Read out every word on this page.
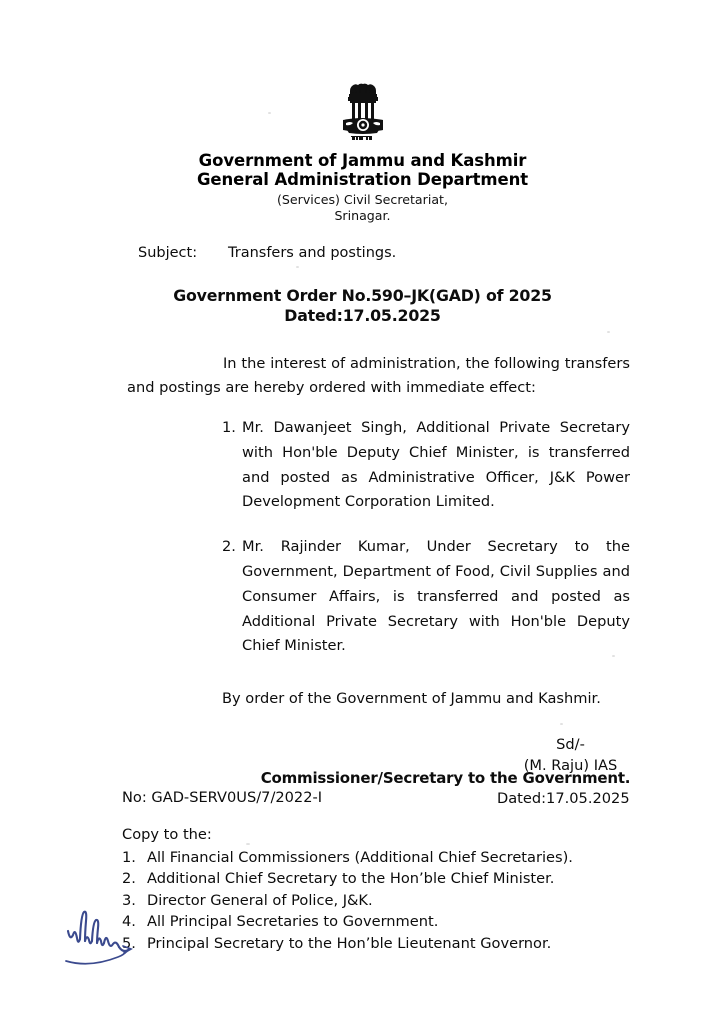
Government of Jammu and Kashmir
General Administration Department
(Services) Civil Secretariat,
Srinagar.
Subject: Transfers and postings.
Government Order No.590–JK(GAD) of 2025
Dated:17.05.2025
In the interest of administration, the following transfers and postings are hereby ordered with immediate effect:
1. Mr. Dawanjeet Singh, Additional Private Secretary with Hon'ble Deputy Chief Minister, is transferred and posted as Administrative Officer, J&K Power Development Corporation Limited.
2. Mr. Rajinder Kumar, Under Secretary to the Government, Department of Food, Civil Supplies and Consumer Affairs, is transferred and posted as Additional Private Secretary with Hon'ble Deputy Chief Minister.
By order of the Government of Jammu and Kashmir.
Sd/-
(M. Raju) IAS
Commissioner/Secretary to the Government.
No: GAD-SERV0US/7/2022-I	Dated:17.05.2025
Copy to the:
1. All Financial Commissioners (Additional Chief Secretaries).
2. Additional Chief Secretary to the Hon’ble Chief Minister.
3. Director General of Police, J&K.
4. All Principal Secretaries to Government.
5. Principal Secretary to the Hon’ble Lieutenant Governor.
